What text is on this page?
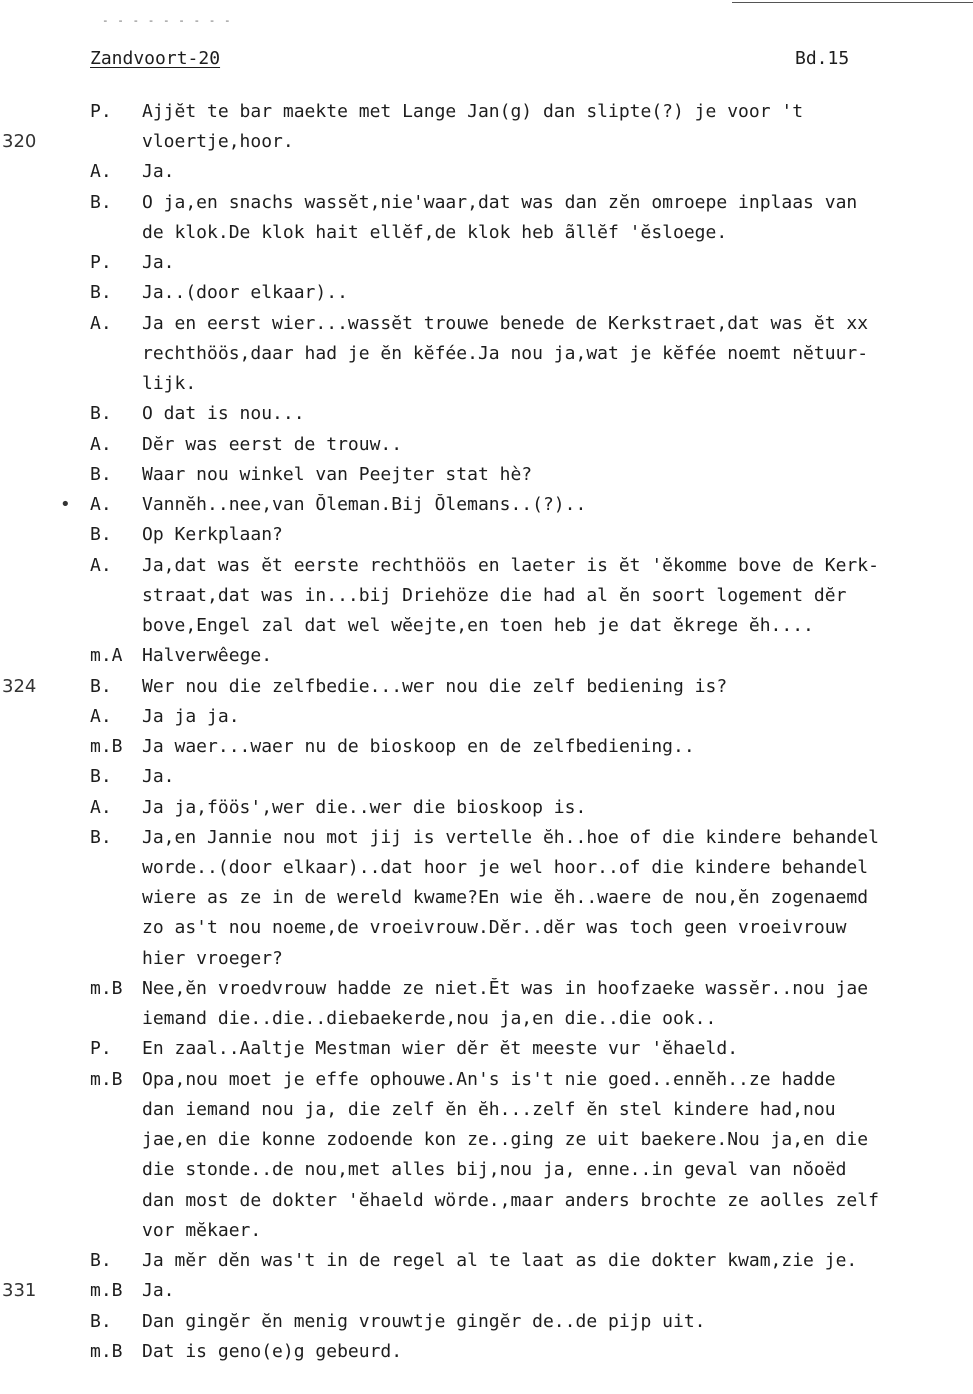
- - - - - - - - -
Zandvoort-20	Bd.15
P.	Ajjĕt te bar maekte met Lange Jan(g) dan slipte(?) je voor 't
320	vloertje,hoor.
A.	Ja.
B.	O ja,en snachs wassĕt,nie'waar,dat was dan zĕn omroepe inplaas van
de klok.De klok hait ellĕf,de klok heb ãllĕf 'ĕsloege.
P.	Ja.
B.	Ja..(door elkaar)..
A.	Ja en eerst wier...wassĕt trouwe benede de Kerkstraet,dat was ĕt xx
rechthöös,daar had je ĕn kĕfée.Ja nou ja,wat je kĕfée noemt nĕtuur-
lijk.
B.	O dat is nou...
A.	Dĕr was eerst de trouw..
B.	Waar nou winkel van Peejter stat hè?
• A.	Vannĕh..nee,van Ŏleman.Bij Ŏlemans..(?)..
B.	Op Kerkplaan?
A.	Ja,dat was ĕt eerste rechthöös en laeter is ĕt 'ĕkomme bove de Kerk-
straat,dat was in...bij Driehöze die had al ĕn soort logement dĕr
bove,Engel zal dat wel wĕejte,en toen heb je dat ĕkrege ĕh....
m.A	Halverwêege.
324	B.	Wer nou die zelfbedie...wer nou die zelf bediening is?
A.	Ja ja ja.
m.B	Ja waer...waer nu de bioskoop en de zelfbediening..
B.	Ja.
A.	Ja ja,föös',wer die..wer die bioskoop is.
B.	Ja,en Jannie nou mot jij is vertelle ĕh..hoe of die kindere behandel
worde..(door elkaar)..dat hoor je wel hoor..of die kindere behandel
wiere as ze in de wereld kwame?En wie ĕh..waere de nou,ĕn zogenaemd
zo as't nou noeme,de vroeivrouw.Dĕr..dĕr was toch geen vroeivrouw
hier vroeger?
m.B	Nee,ĕn vroedvrouw hadde ze niet.Ĕt was in hoofzaeke wassĕr..nou jae
iemand die..die..diebaekerde,nou ja,en die..die ook..
P.	En zaal..Aaltje Mestman wier dĕr ĕt meeste vur 'ĕhaeld.
m.B	Opa,nou moet je effe ophouwe.An's is't nie goed..ennĕh..ze hadde
dan iemand nou ja, die zelf ĕn ĕh...zelf ĕn stel kindere had,nou
jae,en die konne zodoende kon ze..ging ze uit baekere.Nou ja,en die
die stonde..de nou,met alles bij,nou ja, enne..in geval van nŏoëd
dan most de dokter 'ĕhaeld wörde.,maar anders brochte ze aolles zelf
vor mĕkaer.
B.	Ja mĕr dĕn was't in de regel al te laat as die dokter kwam,zie je.
331	m.B	Ja.
B.	Dan gingĕr ĕn menig vrouwtje gingĕr de..de pijp uit.
m.B	Dat is geno(e)g gebeurd.
